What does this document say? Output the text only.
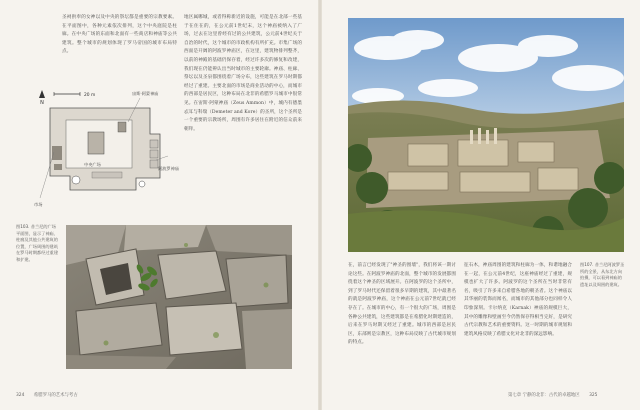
圣祠供奉的女神以及中央的祭坛都是重要的宗教要素。在平面图中，各种元素依次排列，这个中央庭院是柱廊。在中央广场的东面和北面有一些商店和神庙等公共建筑。整个城市的规划体现了罗马帝国的城市布局特点。

N
20 m	宙斯·阿蒙神庙
阿波罗神庙
中央广场
市场

地区属哪城，或者得称新近的设施，可能是在北部一些基于在住在的，在公元前1世纪末，这个神庙被纳入了广场，过去在这里曾经有过的公共建筑，公元前4世纪关于自治的时代，这个城市的市政机构有所扩充。市集广场的西面是开阔的阿波罗神庙区，在这里，建筑物排列整齐，以前的神殿的基础仍保存着，经过许多次的修复和改建，我们现在仍能辨认出当时城市的主要轮廓。神庙、柱廊、祭坛以及圣泉都围绕着广场分布，这些建筑在罗马时期都经过了重建。主要北面的市场是商业活动的中心，而城市的西部是居民区，这种布局在北非的希腊罗马城市中很常见。在宙斯·阿蒙神庙（Zeus Ammon）中，城内有德墨忒耳与科瑞（Demeter and Kore）的圣所，这个圣所是一个重要的宗教场所，周围有许多居住在附近的信众前来朝拜。

图103. 昔兰尼的广场平面图，显示了神庙、柱廊及其他公共建筑的位置，广场周围的建筑在罗马时期都经过重建和扩建。
324 希腊罗马的艺术与考古
图107. 昔兰尼阿波罗圣所的全景，从东北方向拍摄，可以看到神庙的遗址以及周围的建筑。

在，前言已经发现了"神圣的围墙"，我们将该一期讨论这些。在阿波罗神庙的北面，整个城市的发展都围绕着这个神圣的区域展开。在阿波罗的这个圣所中，到了罗马时代还保留着很多早期的建筑，其中最著名的就是阿波罗神庙，这个神庙在公元前7世纪就已经存在了。在城市的中心，有一个很大的广场，周围是各种公共建筑，这些建筑都是在希腊化时期建造的，后来在罗马时期又经过了重建。城市的西部是居民区，东部则是宗教区，这种布局反映了古代城市规划的特点。

征石木，神庙周围的建筑和柱廊为一体，和谐地融合在一起，在公元前4世纪，这座神庙经过了重建，规模也扩大了许多。阿波罗的这个圣所在当时非常有名，吸引了许多来自希腊各地的朝圣者。这个神庙以其华丽的装饰而闻名，而城市的其他部分也同样令人印象深刻。卡尔纳克（Karnak）神庙的规模巨大，其中的雕像和壁画至今仍然保存得相当完好，是研究古代宗教和艺术的重要资料。这一时期的城市规划和建筑风格反映了希腊文化对北非的深远影响。

第七章 宁静的北非：古代的卓越地区 325
